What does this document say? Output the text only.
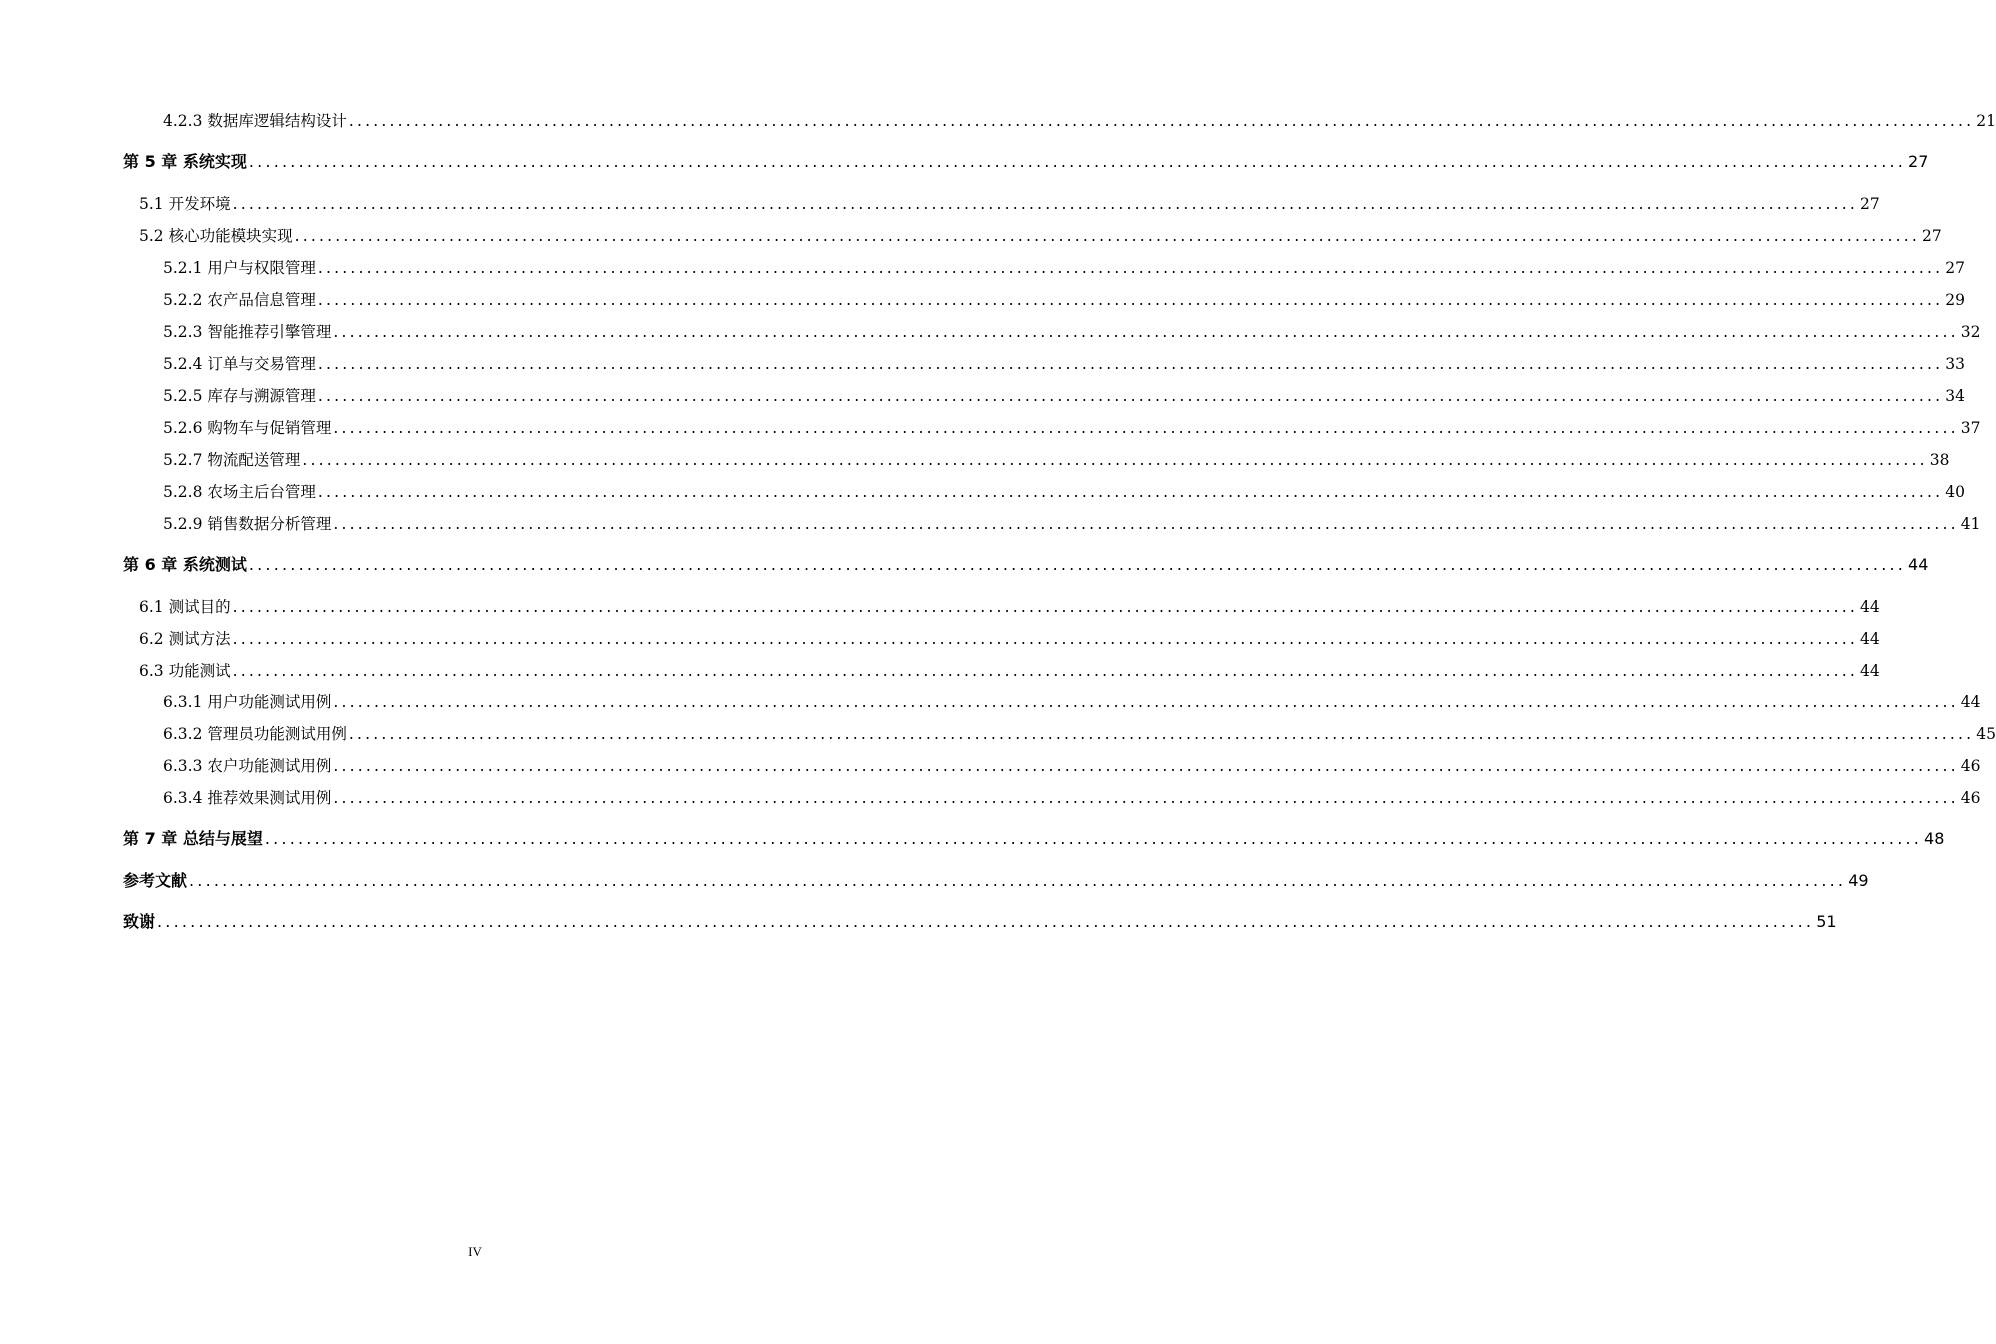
4.2.3 数据库逻辑结构设计 ........................................................................................................................................................................................................ 21
第 5 章 系统实现 ........................................................................................................................................................................................................ 27
5.1 开发环境 ........................................................................................................................................................................................................ 27
5.2 核心功能模块实现 ........................................................................................................................................................................................................ 27
5.2.1 用户与权限管理 ........................................................................................................................................................................................................ 27
5.2.2 农产品信息管理 ........................................................................................................................................................................................................ 29
5.2.3 智能推荐引擎管理 ........................................................................................................................................................................................................ 32
5.2.4 订单与交易管理 ........................................................................................................................................................................................................ 33
5.2.5 库存与溯源管理 ........................................................................................................................................................................................................ 34
5.2.6 购物车与促销管理 ........................................................................................................................................................................................................ 37
5.2.7 物流配送管理 ........................................................................................................................................................................................................ 38
5.2.8 农场主后台管理 ........................................................................................................................................................................................................ 40
5.2.9 销售数据分析管理 ........................................................................................................................................................................................................ 41
第 6 章 系统测试 ........................................................................................................................................................................................................ 44
6.1 测试目的 ........................................................................................................................................................................................................ 44
6.2 测试方法 ........................................................................................................................................................................................................ 44
6.3 功能测试 ........................................................................................................................................................................................................ 44
6.3.1 用户功能测试用例 ........................................................................................................................................................................................................ 44
6.3.2 管理员功能测试用例 ........................................................................................................................................................................................................ 45
6.3.3 农户功能测试用例 ........................................................................................................................................................................................................ 46
6.3.4 推荐效果测试用例 ........................................................................................................................................................................................................ 46
第 7 章 总结与展望 ........................................................................................................................................................................................................ 48
参考文献 ........................................................................................................................................................................................................ 49
致谢 ........................................................................................................................................................................................................ 51
IV
